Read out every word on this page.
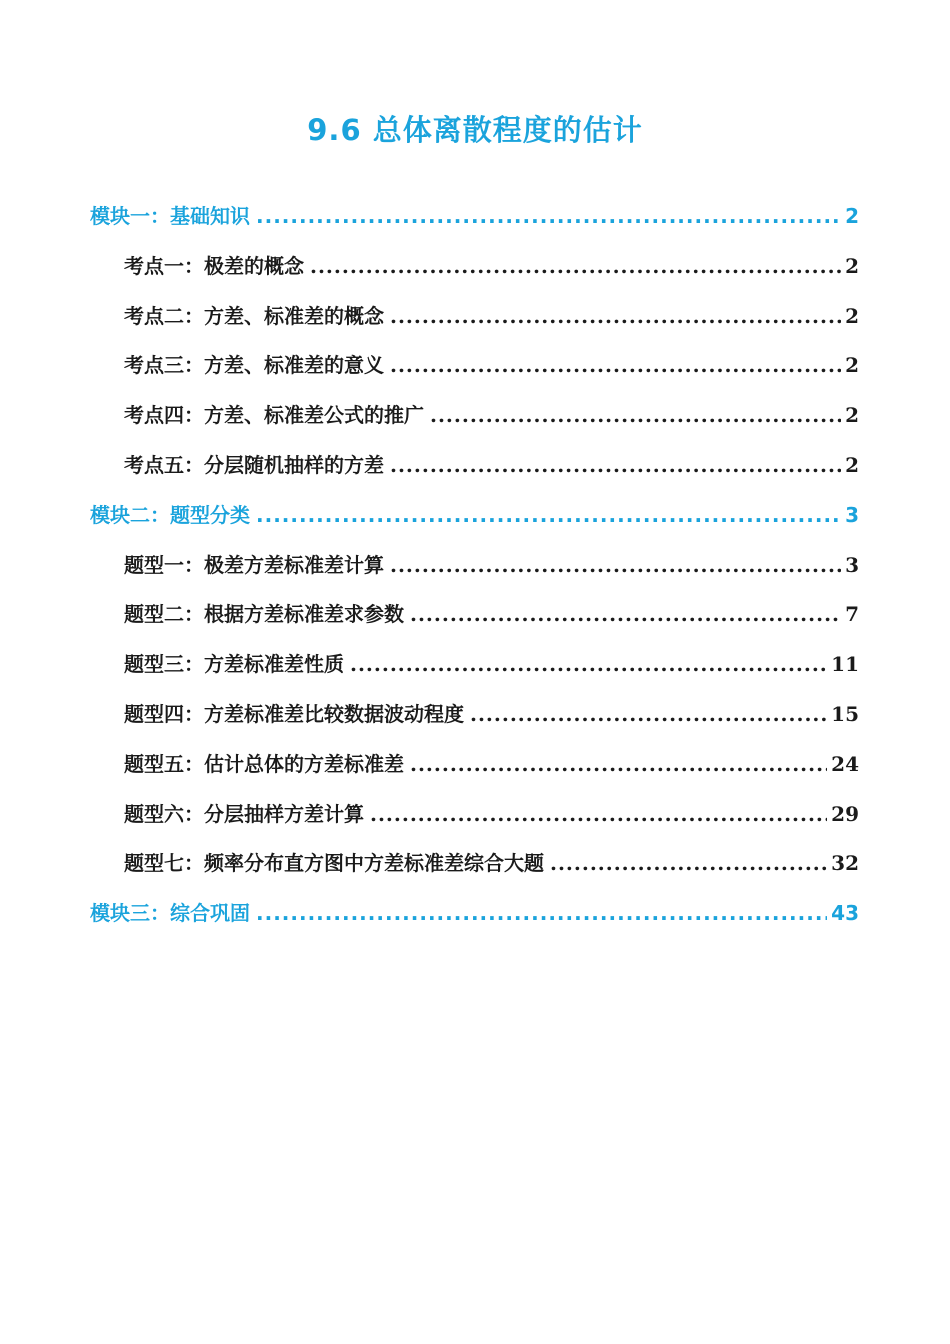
9.6 总体离散程度的估计
模块一：基础知识 .....	2
考点一：极差的概念 .....	2
考点二：方差、标准差的概念 .....	2
考点三：方差、标准差的意义 .....	2
考点四：方差、标准差公式的推广 .....	2
考点五：分层随机抽样的方差 .....	2
模块二：题型分类 .....	3
题型一：极差方差标准差计算 .....	3
题型二：根据方差标准差求参数 .....	7
题型三：方差标准差性质 .....	11
题型四：方差标准差比较数据波动程度 .....	15
题型五：估计总体的方差标准差 .....	24
题型六：分层抽样方差计算 .....	29
题型七：频率分布直方图中方差标准差综合大题 .....	32
模块三：综合巩固 .....	43
